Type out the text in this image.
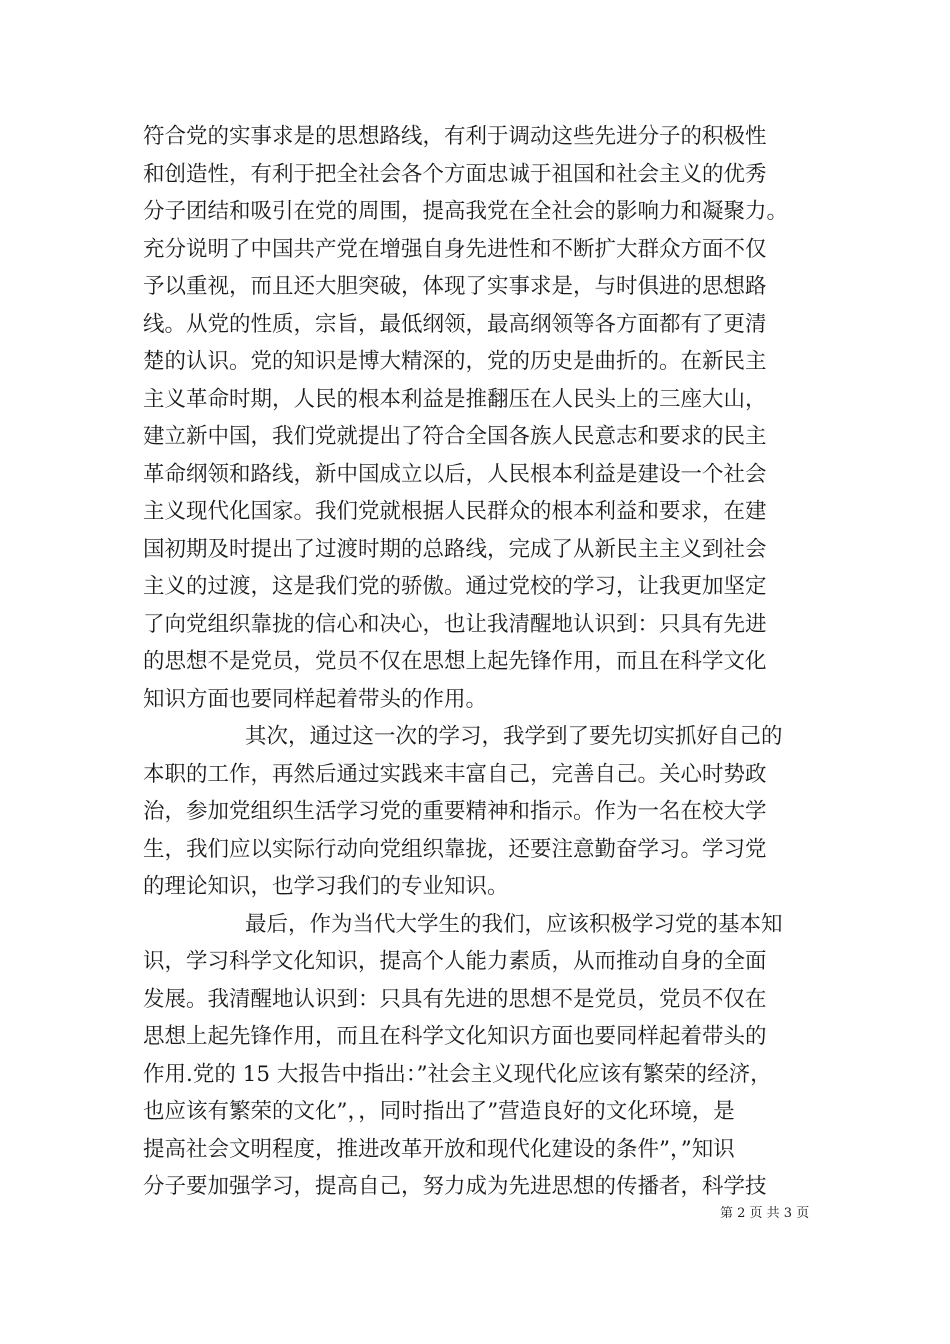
符合党的实事求是的思想路线，有利于调动这些先进分子的积极性
和创造性，有利于把全社会各个方面忠诚于祖国和社会主义的优秀
分子团结和吸引在党的周围，提高我党在全社会的影响力和凝聚力。
充分说明了中国共产党在增强自身先进性和不断扩大群众方面不仅
予以重视，而且还大胆突破，体现了实事求是，与时俱进的思想路
线。从党的性质，宗旨，最低纲领，最高纲领等各方面都有了更清
楚的认识。党的知识是博大精深的，党的历史是曲折的。在新民主
主义革命时期，人民的根本利益是推翻压在人民头上的三座大山，
建立新中国，我们党就提出了符合全国各族人民意志和要求的民主
革命纲领和路线，新中国成立以后，人民根本利益是建设一个社会
主义现代化国家。我们党就根据人民群众的根本利益和要求，在建
国初期及时提出了过渡时期的总路线，完成了从新民主主义到社会
主义的过渡，这是我们党的骄傲。通过党校的学习，让我更加坚定
了向党组织靠拢的信心和决心，也让我清醒地认识到：只具有先进
的思想不是党员，党员不仅在思想上起先锋作用，而且在科学文化
知识方面也要同样起着带头的作用。
其次，通过这一次的学习，我学到了要先切实抓好自己的
本职的工作，再然后通过实践来丰富自己，完善自己。关心时势政
治，参加党组织生活学习党的重要精神和指示。作为一名在校大学
生，我们应以实际行动向党组织靠拢，还要注意勤奋学习。学习党
的理论知识，也学习我们的专业知识。
最后，作为当代大学生的我们，应该积极学习党的基本知
识，学习科学文化知识，提高个人能力素质，从而推动自身的全面
发展。我清醒地认识到：只具有先进的思想不是党员，党员不仅在
思想上起先锋作用，而且在科学文化知识方面也要同样起着带头的
作用.党的 15 大报告中指出：”社会主义现代化应该有繁荣的经济，
也应该有繁荣的文化”，，同时指出了”营造良好的文化环境，是
提高社会文明程度，推进改革开放和现代化建设的条件”，”知识
分子要加强学习，提高自己，努力成为先进思想的传播者，科学技
第 2 页 共 3 页
